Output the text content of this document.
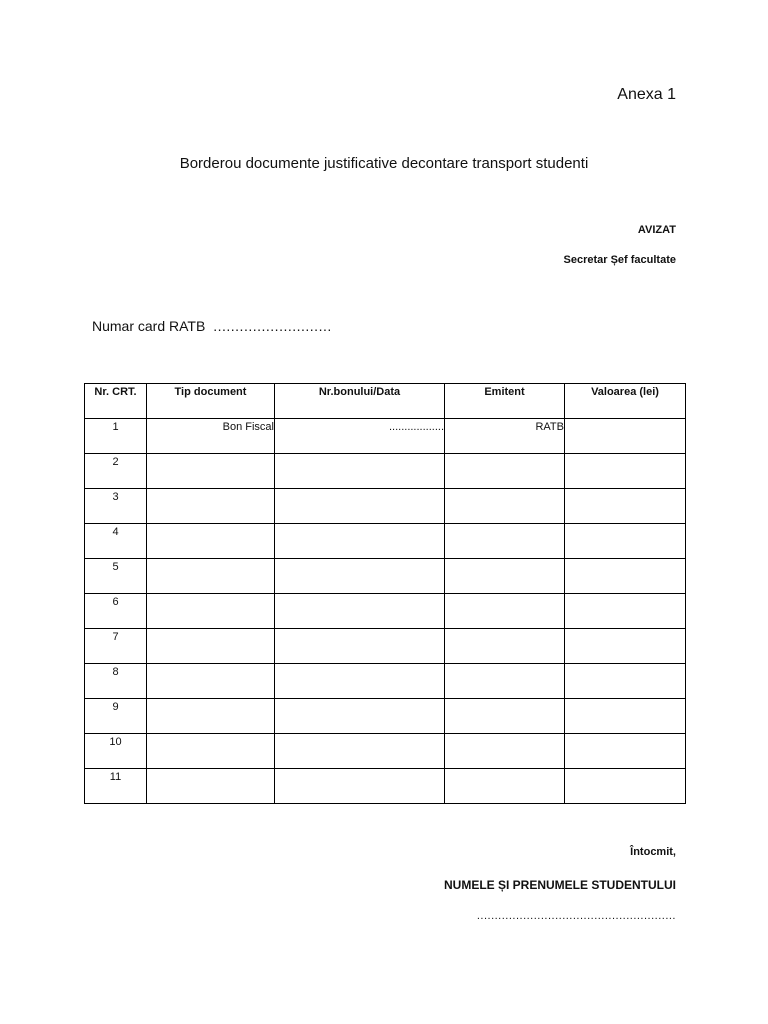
Anexa 1
Borderou documente justificative decontare transport studenti
AVIZAT
Secretar Șef facultate
Numar card RATB ...........................
Nr. CRT.	Tip document	Nr.bonului/Data	Emitent	Valoarea (lei)
1	Bon Fiscal	..................	RATB	
2				
3				
4				
5				
6				
7				
8				
9				
10				
11				
Întocmit,
NUMELE ȘI PRENUMELE STUDENTULUI
........................................................
